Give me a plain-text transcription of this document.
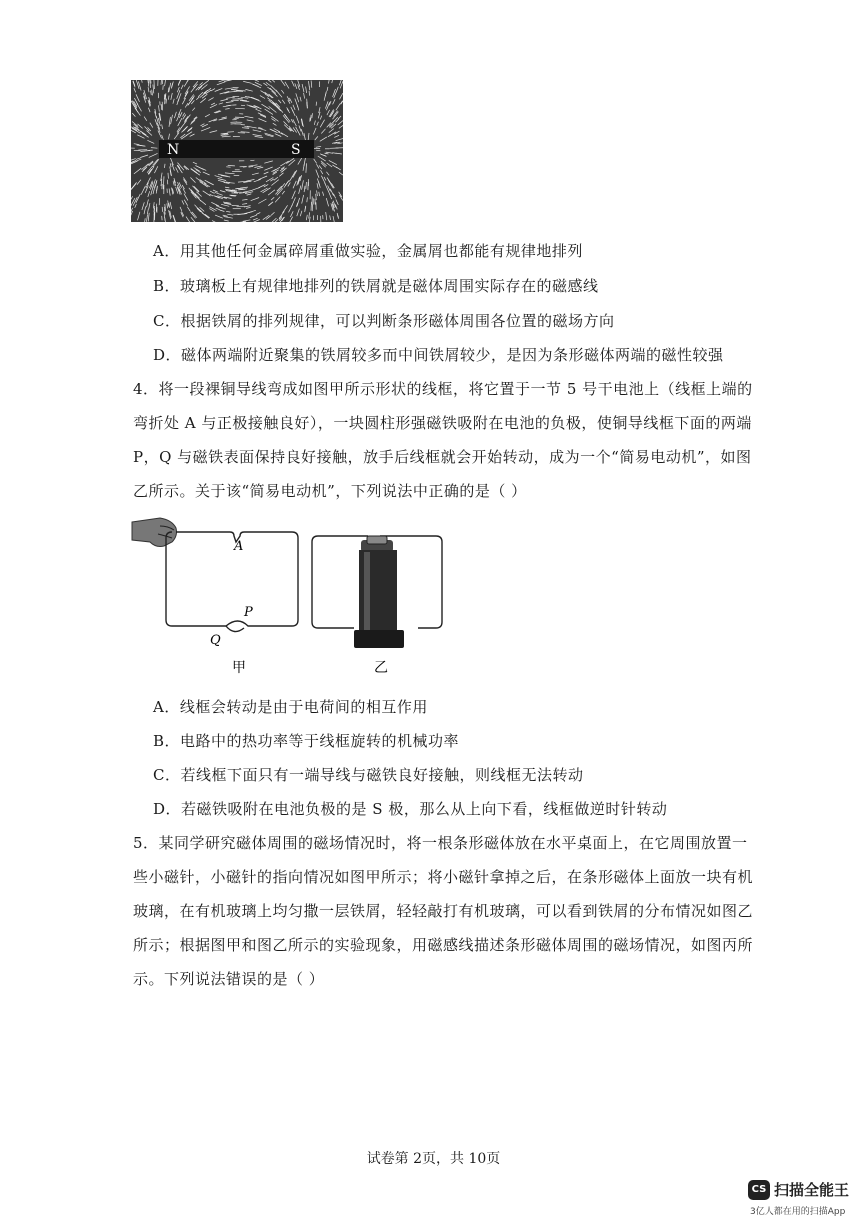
N	S
A．用其他任何金属碎屑重做实验，金属屑也都能有规律地排列
B．玻璃板上有规律地排列的铁屑就是磁体周围实际存在的磁感线
C．根据铁屑的排列规律，可以判断条形磁体周围各位置的磁场方向
D．磁体两端附近聚集的铁屑较多而中间铁屑较少，是因为条形磁体两端的磁性较强
4．将一段裸铜导线弯成如图甲所示形状的线框，将它置于一节 5 号干电池上（线框上端的
弯折处 A 与正极接触良好），一块圆柱形强磁铁吸附在电池的负极，使铜导线框下面的两端
P，Q 与磁铁表面保持良好接触，放手后线框就会开始转动，成为一个“简易电动机”，如图
乙所示。关于该“简易电动机”，下列说法中正确的是（ ）
A
P
Q
甲	乙
A．线框会转动是由于电荷间的相互作用
B．电路中的热功率等于线框旋转的机械功率
C．若线框下面只有一端导线与磁铁良好接触，则线框无法转动
D．若磁铁吸附在电池负极的是 S 极，那么从上向下看，线框做逆时针转动
5．某同学研究磁体周围的磁场情况时，将一根条形磁体放在水平桌面上，在它周围放置一
些小磁针，小磁针的指向情况如图甲所示；将小磁针拿掉之后，在条形磁体上面放一块有机
玻璃，在有机玻璃上均匀撒一层铁屑，轻轻敲打有机玻璃，可以看到铁屑的分布情况如图乙
所示；根据图甲和图乙所示的实验现象，用磁感线描述条形磁体周围的磁场情况，如图丙所
示。下列说法错误的是（ ）
试卷第 2页，共 10页
CS 扫描全能王
3亿人都在用的扫描App
